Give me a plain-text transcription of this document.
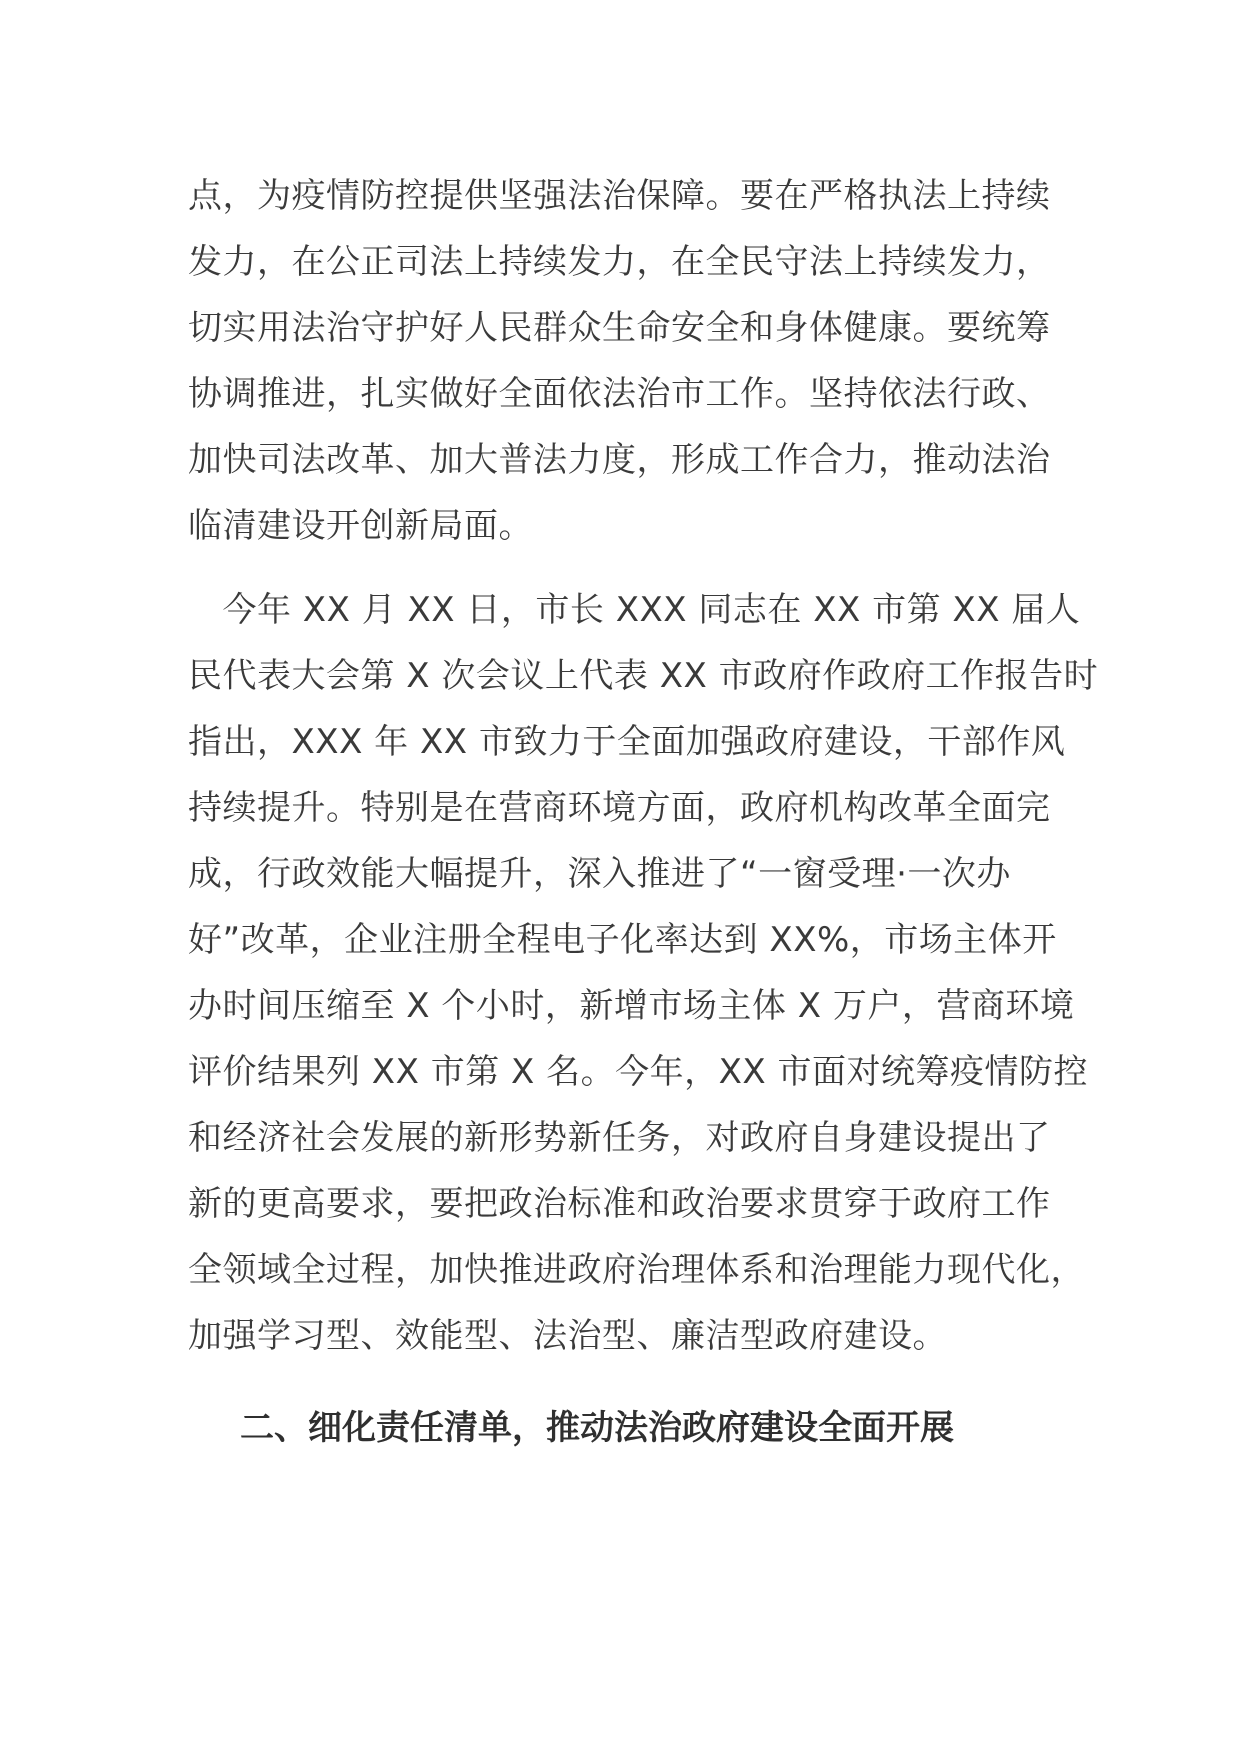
点，为疫情防控提供坚强法治保障。要在严格执法上持续
发力，在公正司法上持续发力，在全民守法上持续发力，
切实用法治守护好人民群众生命安全和身体健康。要统筹
协调推进，扎实做好全面依法治市工作。坚持依法行政、
加快司法改革、加大普法力度，形成工作合力，推动法治
临清建设开创新局面。
　今年 XX 月 XX 日，市长 XXX 同志在 XX 市第 XX 届人
民代表大会第 X 次会议上代表 XX 市政府作政府工作报告时
指出，XXX 年 XX 市致力于全面加强政府建设，干部作风
持续提升。特别是在营商环境方面，政府机构改革全面完
成，行政效能大幅提升，深入推进了“一窗受理·一次办
好”改革，企业注册全程电子化率达到 XX%，市场主体开
办时间压缩至 X 个小时，新增市场主体 X 万户，营商环境
评价结果列 XX 市第 X 名。今年，XX 市面对统筹疫情防控
和经济社会发展的新形势新任务，对政府自身建设提出了
新的更高要求，要把政治标准和政治要求贯穿于政府工作
全领域全过程，加快推进政府治理体系和治理能力现代化，
加强学习型、效能型、法治型、廉洁型政府建设。
二、细化责任清单，推动法治政府建设全面开展
